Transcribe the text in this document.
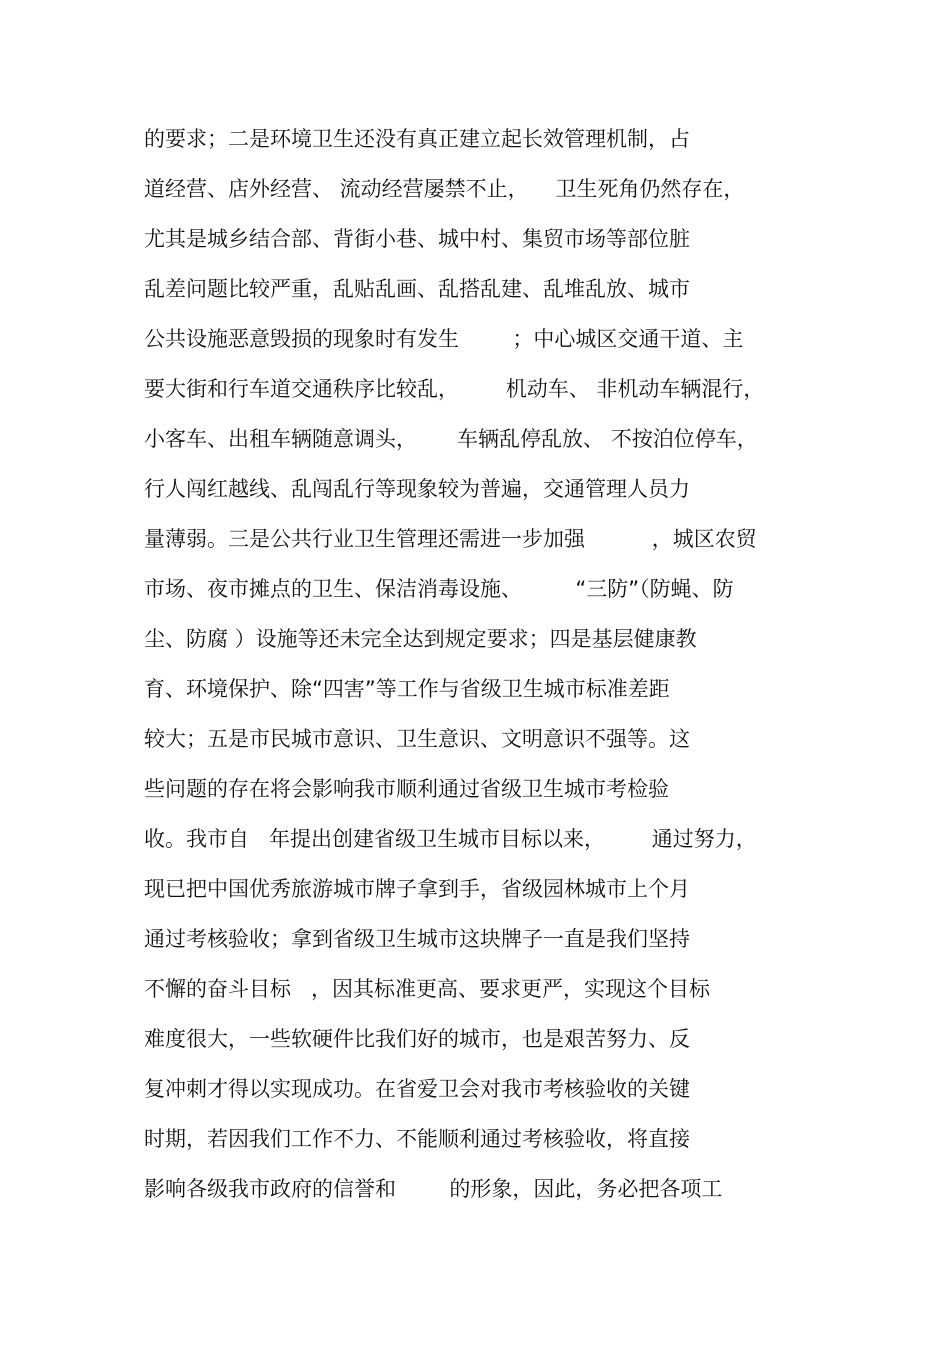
的要求；二是环境卫生还没有真正建立起长效管理机制，占
道经营、店外经营、 流动经营屡禁不止，    卫生死角仍然存在，
尤其是城乡结合部、背街小巷、城中村、集贸市场等部位脏
乱差问题比较严重，乱贴乱画、乱搭乱建、乱堆乱放、城市
公共设施恶意毁损的现象时有发生        ；中心城区交通干道、主
要大街和行车道交通秩序比较乱，       机动车、 非机动车辆混行，
小客车、出租车辆随意调头，      车辆乱停乱放、 不按泊位停车，
行人闯红越线、乱闯乱行等现象较为普遍，交通管理人员力
量薄弱。三是公共行业卫生管理还需进一步加强          ，城区农贸
市场、夜市摊点的卫生、保洁消毒设施、        “三防”（防蝇、防
尘、防腐 ）设施等还未完全达到规定要求；四是基层健康教
育、环境保护、除“四害”等工作与省级卫生城市标准差距
较大；五是市民城市意识、卫生意识、文明意识不强等。这
些问题的存在将会影响我市顺利通过省级卫生城市考检验
收。我市自   年提出创建省级卫生城市目标以来，       通过努力，
现已把中国优秀旅游城市牌子拿到手，省级园林城市上个月
通过考核验收；拿到省级卫生城市这块牌子一直是我们坚持
不懈的奋斗目标   ，因其标准更高、要求更严，实现这个目标
难度很大，一些软硬件比我们好的城市，也是艰苦努力、反
复冲刺才得以实现成功。在省爱卫会对我市考核验收的关键
时期，若因我们工作不力、不能顺利通过考核验收，将直接
影响各级我市政府的信誉和        的形象，因此，务必把各项工
